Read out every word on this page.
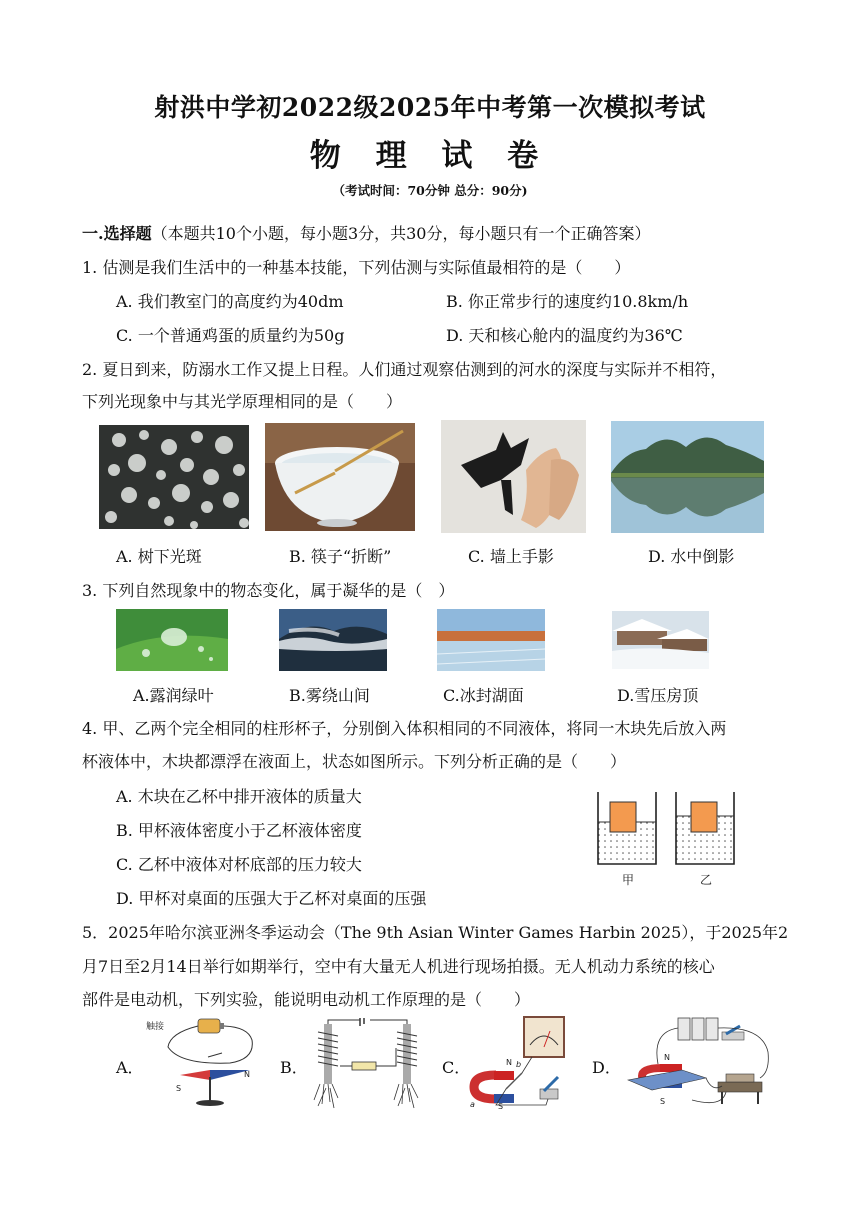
射洪中学初2022级2025年中考第一次模拟考试
物 理 试 卷
（考试时间：70分钟 总分：90分)
一.选择题（本题共10个小题，每小题3分，共30分，每小题只有一个正确答案）
1. 估测是我们生活中的一种基本技能，下列估测与实际值最相符的是（　　）
A. 我们教室门的高度约为40dm	B. 你正常步行的速度约10.8km/h
C. 一个普通鸡蛋的质量约为50g	D. 天和核心舱内的温度约为36℃
2. 夏日到来，防溺水工作又提上日程。人们通过观察估测到的河水的深度与实际并不相符，
下列光现象中与其光学原理相同的是（　　）
A. 树下光斑	B. 筷子“折断”	C. 墙上手影	D. 水中倒影
3. 下列自然现象中的物态变化，属于凝华的是（　）
A.露润绿叶	B.雾绕山间	C.冰封湖面	D.雪压房顶
4. 甲、乙两个完全相同的柱形杯子，分别倒入体积相同的不同液体，将同一木块先后放入两
杯液体中，木块都漂浮在液面上，状态如图所示。下列分析正确的是（　　）
A. 木块在乙杯中排开液体的质量大
B. 甲杯液体密度小于乙杯液体密度
C. 乙杯中液体对杯底部的压力较大
D. 甲杯对桌面的压强大于乙杯对桌面的压强
甲	乙
5．2025年哈尔滨亚洲冬季运动会（The 9th Asian Winter Games Harbin 2025），于2025年2
月7日至2月14日举行如期举行，空中有大量无人机进行现场拍摄。无人机动力系统的核心
部件是电动机，下列实验，能说明电动机工作原理的是（　　）
A．	B．	C．	D．
触接
S
N
N
S
b
a
N
S
